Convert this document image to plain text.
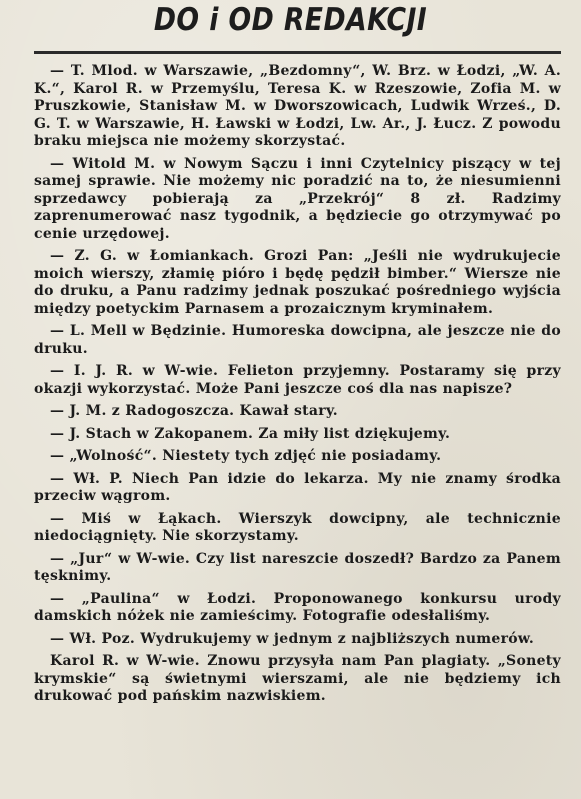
DO i OD REDAKCJI

— T. Mlod. w Warszawie, „Bezdomny“, W. Brz. w Łodzi, „W. A. K.“, Karol R. w Przemyślu, Teresa K. w Rzeszowie, Zofia M. w Pruszkowie, Stanisław M. w Dworszowicach, Ludwik Wrześ., D. G. T. w Warszawie, H. Ławski w Łodzi, Lw. Ar., J. Łucz. Z powodu braku miejsca nie możemy skorzystać.

— Witold M. w Nowym Sączu i inni Czytelnicy piszący w tej samej sprawie. Nie możemy nic poradzić na to, że niesumienni sprzedawcy pobierają za „Przekrój“ 8 zł. Radzimy zaprenumerować nasz tygodnik, a będziecie go otrzymywać po cenie urzędowej.

— Z. G. w Łomiankach. Grozi Pan: „Jeśli nie wydrukujecie moich wierszy, złamię pióro i będę pędził bimber.“ Wiersze nie do druku, a Panu radzimy jednak poszukać pośredniego wyjścia między poetyckim Parnasem a prozaicznym kryminałem.

— L. Mell w Będzinie. Humoreska dowcipna, ale jeszcze nie do druku.

— I. J. R. w W-wie. Felieton przyjemny. Postaramy się przy okazji wykorzystać. Może Pani jeszcze coś dla nas napisze?

— J. M. z Radogoszcza. Kawał stary.

— J. Stach w Zakopanem. Za miły list dziękujemy.

— „Wolność“. Niestety tych zdjęć nie posiadamy.

— Wł. P. Niech Pan idzie do lekarza. My nie znamy środka przeciw wągrom.

— Miś w Łąkach. Wierszyk dowcipny, ale technicznie niedociągnięty. Nie skorzystamy.

— „Jur“ w W-wie. Czy list nareszcie doszedł? Bardzo za Panem tęsknimy.

— „Paulina“ w Łodzi. Proponowanego konkursu urody damskich nóżek nie zamieścimy. Fotografie odesłaliśmy.

— Wł. Poz. Wydrukujemy w jednym z najbliższych numerów.

Karol R. w W-wie. Znowu przysyła nam Pan plagiaty. „Sonety krymskie“ są świetnymi wierszami, ale nie będziemy ich drukować pod pańskim nazwiskiem.
